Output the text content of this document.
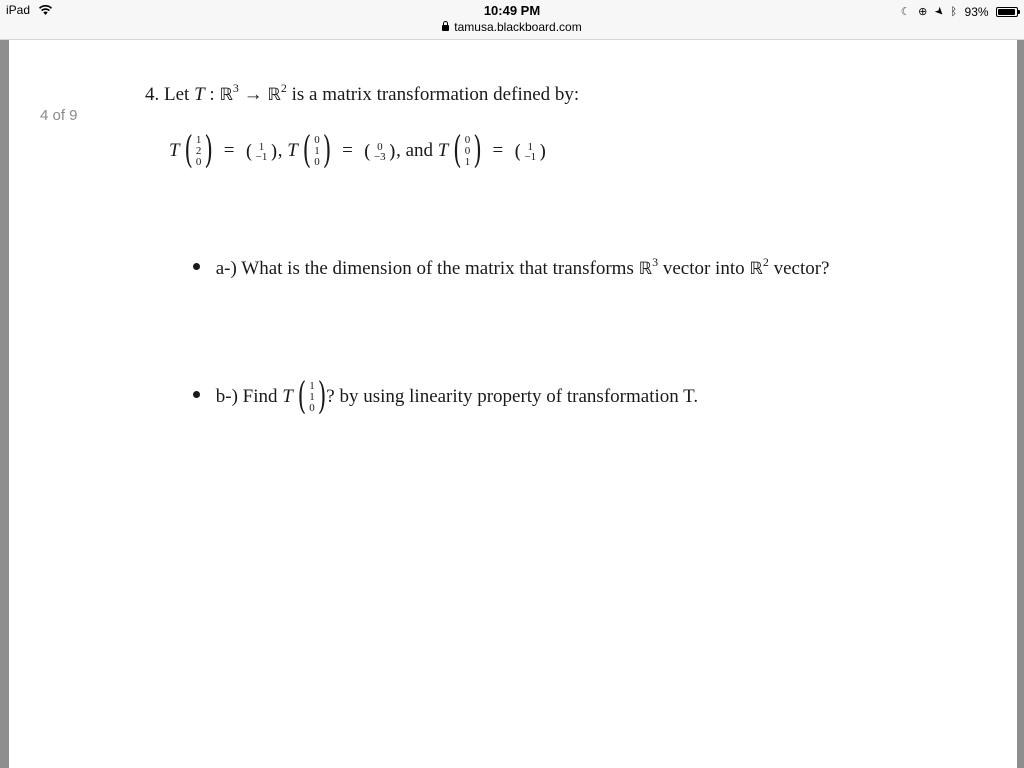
iPad	10:49 PM
tamusa.blackboard.com
☾ ⊕ ➤ ᛒ 93%
4 of 9
4. Let T : ℝ$^3$ → ℝ$^2$ is a matrix transformation defined by:
T ( 1
2
0 ) = ( 1
−1 ) , T ( 0
1
0 ) = ( 0
−3 ) , and T ( 0
0
1 ) = ( 1
−1 )
a-) What is the dimension of the matrix that transforms ℝ$^3$ vector into ℝ$^2$ vector?
b-) Find T ( 1
1
0 ) ? by using linearity property of transformation T.
